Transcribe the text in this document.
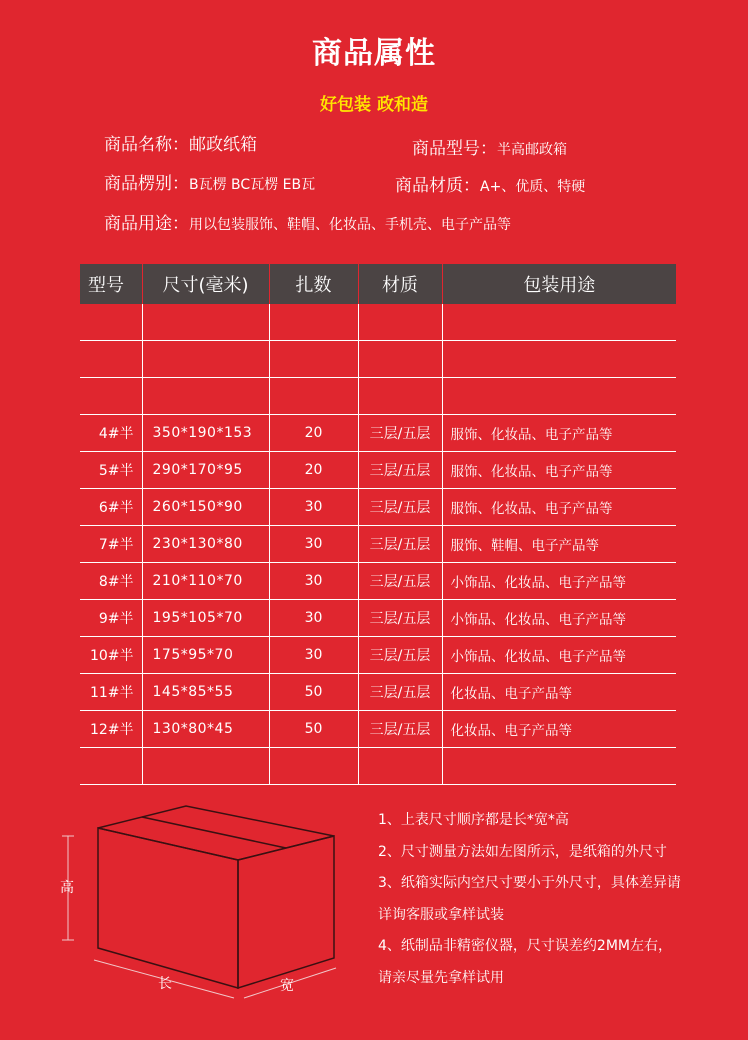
商品属性
好包装 政和造
商品名称：邮政纸箱	商品型号：半高邮政箱
商品楞别：B瓦楞 BC瓦楞 EB瓦	商品材质：A+、优质、特硬
商品用途：用以包装服饰、鞋帽、化妆品、手机壳、电子产品等
型号	尺寸(毫米)	扎数	材质	包装用途

4#半	350*190*153	20	三层/五层	服饰、化妆品、电子产品等
5#半	290*170*95	20	三层/五层	服饰、化妆品、电子产品等
6#半	260*150*90	30	三层/五层	服饰、化妆品、电子产品等
7#半	230*130*80	30	三层/五层	服饰、鞋帽、电子产品等
8#半	210*110*70	30	三层/五层	小饰品、化妆品、电子产品等
9#半	195*105*70	30	三层/五层	小饰品、化妆品、电子产品等
10#半	175*95*70	30	三层/五层	小饰品、化妆品、电子产品等
11#半	145*85*55	50	三层/五层	化妆品、电子产品等
12#半	130*80*45	50	三层/五层	化妆品、电子产品等

高
长	宽
1、上表尺寸顺序都是长*宽*高
2、尺寸测量方法如左图所示，是纸箱的外尺寸
3、纸箱实际内空尺寸要小于外尺寸，具体差异请
详询客服或拿样试装
4、纸制品非精密仪器，尺寸误差约2MM左右，
请亲尽量先拿样试用
